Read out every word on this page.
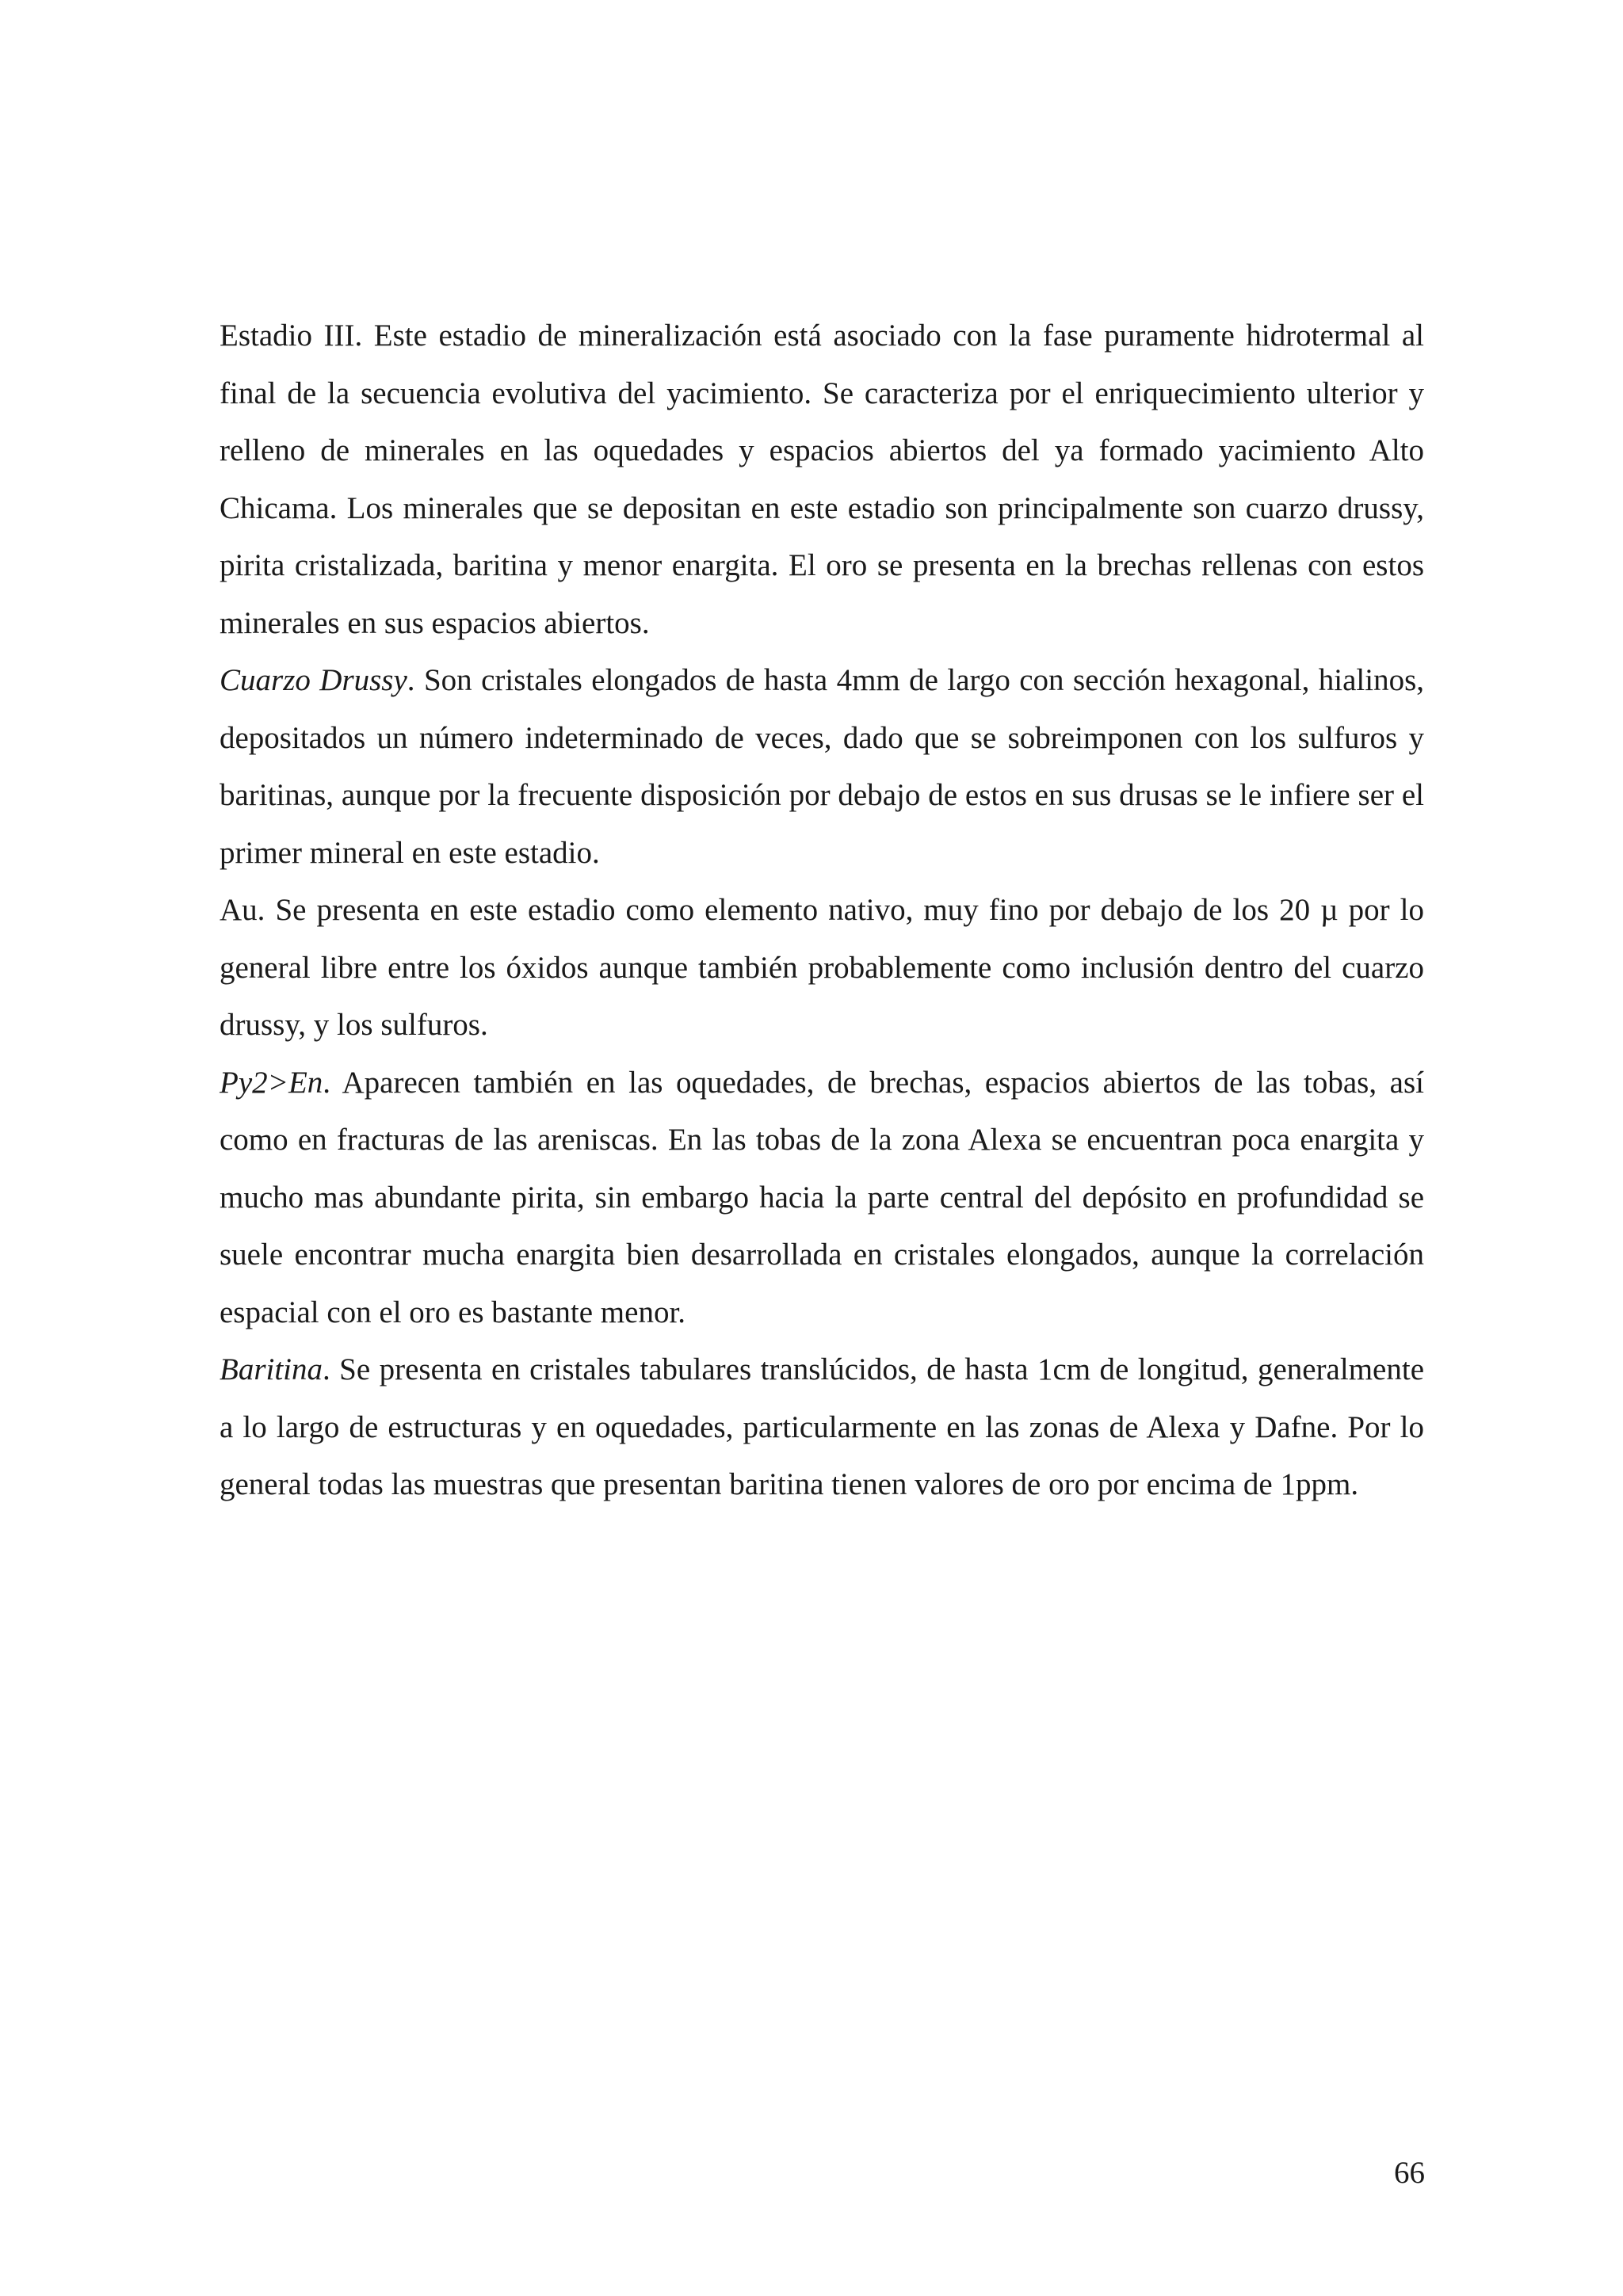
Estadio III. Este estadio de mineralización está asociado con la fase puramente hidrotermal al final de la secuencia evolutiva del yacimiento. Se caracteriza por el enriquecimiento ulterior y relleno de minerales en las oquedades y espacios abiertos del ya formado yacimiento Alto Chicama. Los minerales que se depositan en este estadio son principalmente son cuarzo drussy, pirita cristalizada, baritina y menor enargita. El oro se presenta en la brechas rellenas con estos minerales en sus espacios abiertos.

Cuarzo Drussy. Son cristales elongados de hasta 4mm de largo con sección hexagonal, hialinos, depositados un número indeterminado de veces, dado que se sobreimponen con los sulfuros y baritinas, aunque por la frecuente disposición por debajo de estos en sus drusas se le infiere ser el primer mineral en este estadio.

Au. Se presenta en este estadio como elemento nativo, muy fino por debajo de los 20 µ por lo general libre entre los óxidos aunque también probablemente como inclusión dentro del cuarzo drussy, y los sulfuros.

Py2>En. Aparecen también en las oquedades, de brechas, espacios abiertos de las tobas, así como en fracturas de las areniscas. En las tobas de la zona Alexa se encuentran poca enargita y mucho mas abundante pirita, sin embargo hacia la parte central del depósito en profundidad se suele encontrar mucha enargita bien desarrollada en cristales elongados, aunque la correlación espacial con el oro es bastante menor.

Baritina. Se presenta en cristales tabulares translúcidos, de hasta 1cm de longitud, generalmente a lo largo de estructuras y en oquedades, particularmente en las zonas de Alexa y Dafne. Por lo general todas las muestras que presentan baritina tienen valores de oro por encima de 1ppm.

66
